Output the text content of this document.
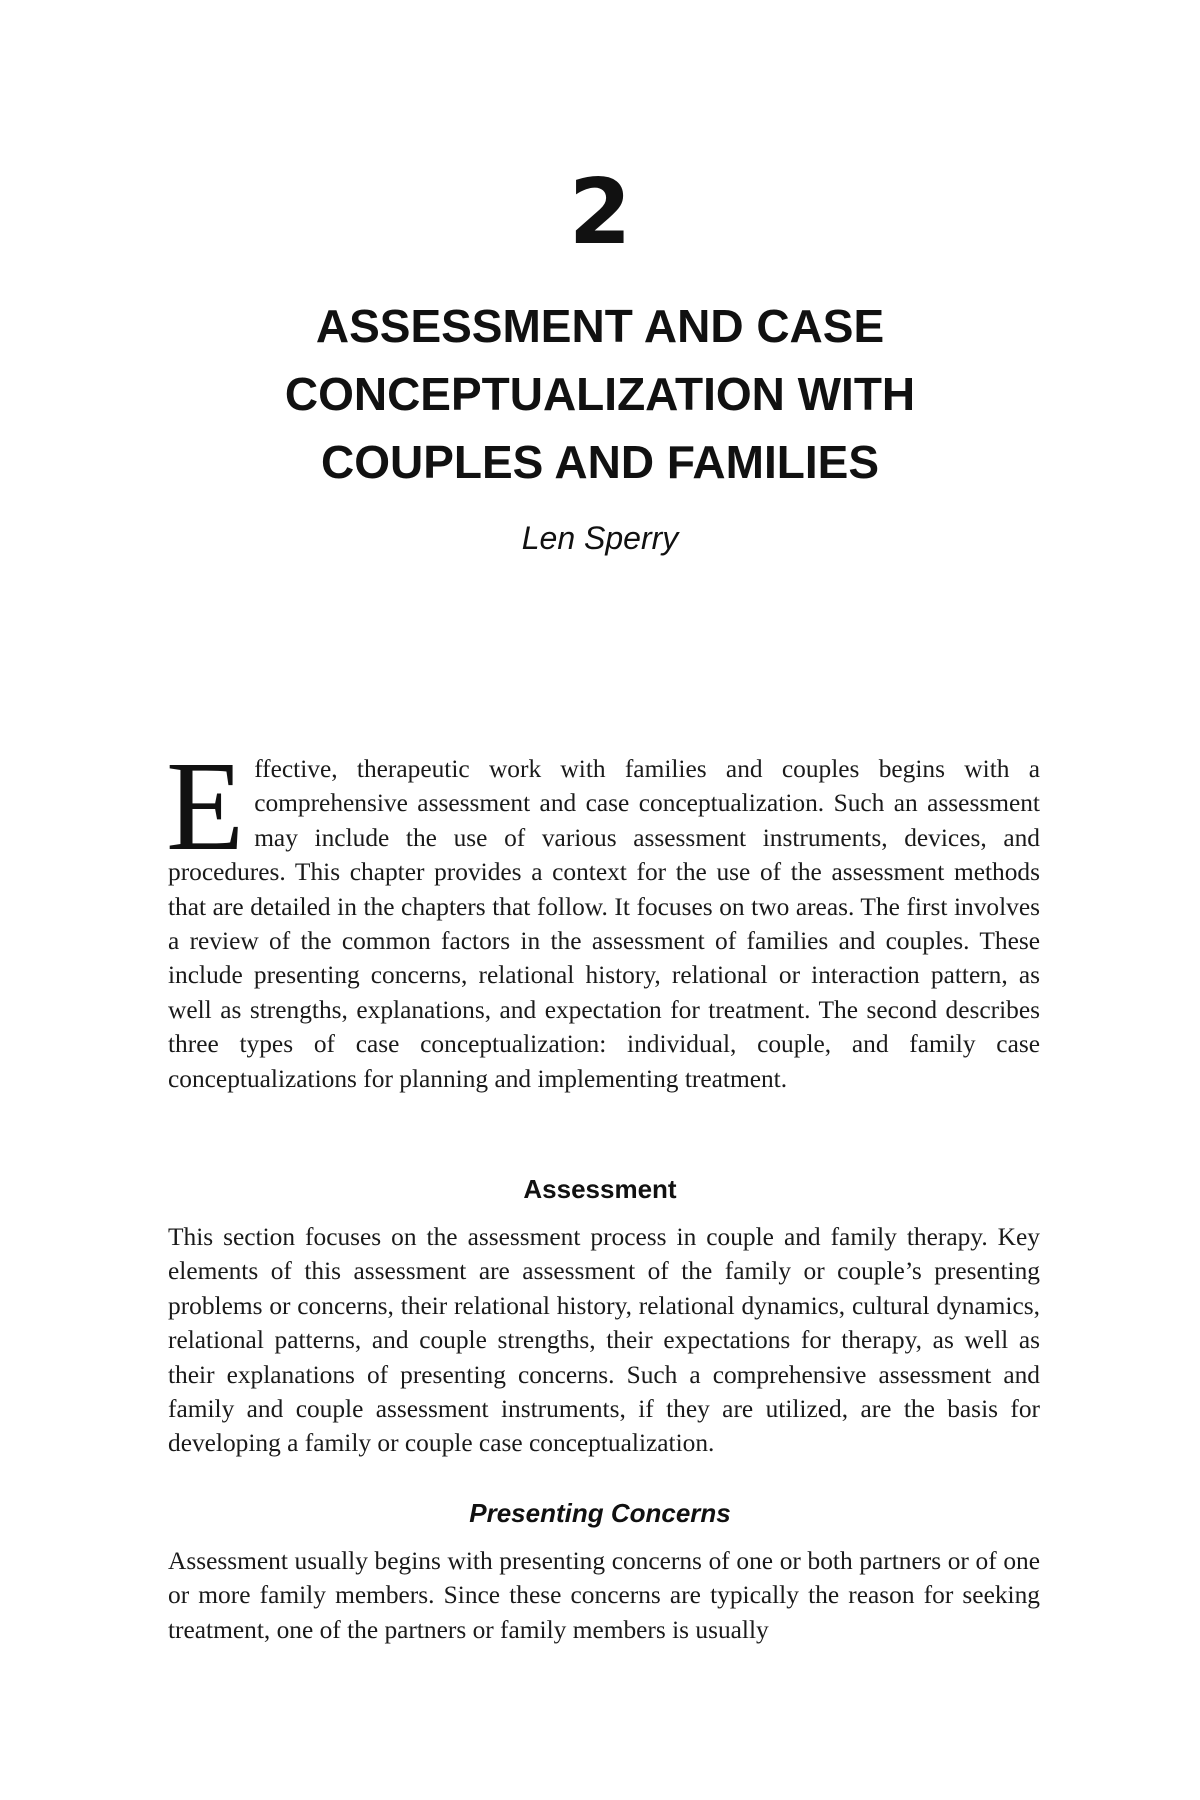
2
ASSESSMENT AND CASE
CONCEPTUALIZATION WITH
COUPLES AND FAMILIES
Len Sperry
E ffective, therapeutic work with families and couples begins with a comprehensive assessment and case conceptualization. Such an assessment may include the use of various assessment instruments, devices, and procedures. This chapter provides a context for the use of the assessment methods that are detailed in the chapters that follow. It focuses on two areas. The first involves a review of the common factors in the assessment of families and couples. These include presenting concerns, relational history, relational or interaction pattern, as well as strengths, explanations, and expectation for treatment. The second describes three types of case conceptualization: individual, couple, and family case conceptualizations for planning and implementing treatment.
Assessment
This section focuses on the assessment process in couple and family therapy. Key elements of this assessment are assessment of the family or couple’s presenting problems or concerns, their relational history, relational dynamics, cultural dynamics, relational patterns, and couple strengths, their expectations for therapy, as well as their explanations of presenting concerns. Such a comprehensive assessment and family and couple assessment instruments, if they are utilized, are the basis for developing a family or couple case conceptualization.
Presenting Concerns
Assessment usually begins with presenting concerns of one or both partners or of one or more family members. Since these concerns are typically the reason for seeking treatment, one of the partners or family members is usually
